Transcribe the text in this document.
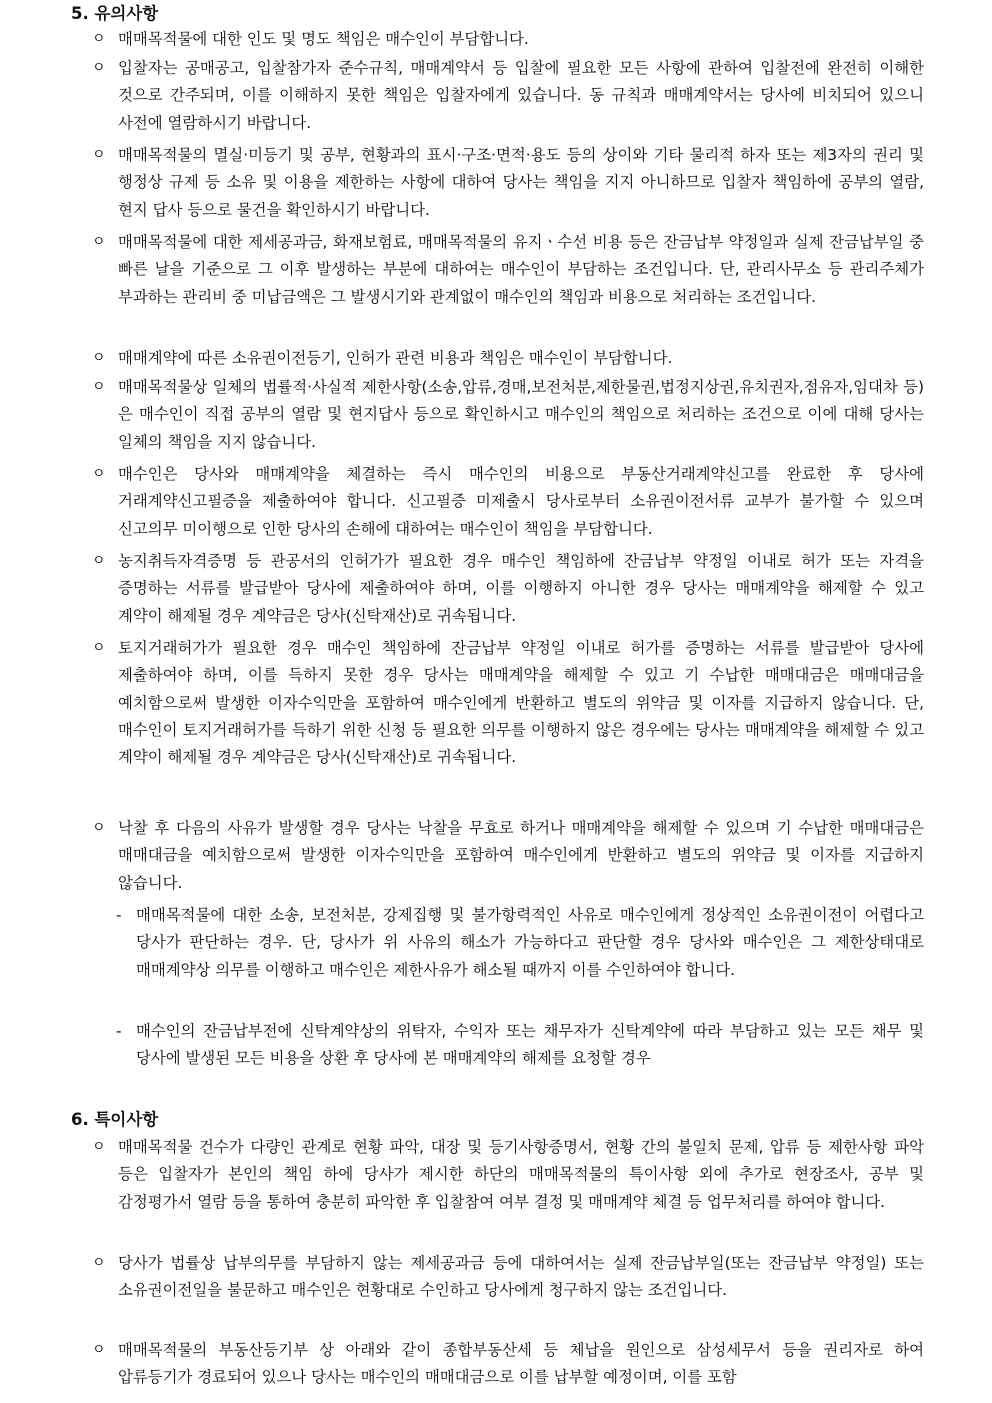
5. 유의사항
ㅇ 매매목적물에 대한 인도 및 명도 책임은 매수인이 부담합니다.
ㅇ 입찰자는 공매공고, 입찰참가자 준수규칙, 매매계약서 등 입찰에 필요한 모든 사항에 관하여 입찰전에 완전히 이해한 것으로 간주되며, 이를 이해하지 못한 책임은 입찰자에게 있습니다. 동 규칙과 매매계약서는 당사에 비치되어 있으니 사전에 열람하시기 바랍니다.
ㅇ 매매목적물의 멸실·미등기 및 공부, 현황과의 표시·구조·면적·용도 등의 상이와 기타 물리적 하자 또는 제3자의 권리 및 행정상 규제 등 소유 및 이용을 제한하는 사항에 대하여 당사는 책임을 지지 아니하므로 입찰자 책임하에 공부의 열람, 현지 답사 등으로 물건을 확인하시기 바랍니다.
ㅇ 매매목적물에 대한 제세공과금, 화재보험료, 매매목적물의 유지ㆍ수선 비용 등은 잔금납부 약정일과 실제 잔금납부일 중 빠른 날을 기준으로 그 이후 발생하는 부분에 대하여는 매수인이 부담하는 조건입니다. 단, 관리사무소 등 관리주체가 부과하는 관리비 중 미납금액은 그 발생시기와 관계없이 매수인의 책임과 비용으로 처리하는 조건입니다.
ㅇ 매매계약에 따른 소유권이전등기, 인허가 관련 비용과 책임은 매수인이 부담합니다.
ㅇ 매매목적물상 일체의 법률적·사실적 제한사항(소송,압류,경매,보전처분,제한물권,법정지상권,유치권자,점유자,임대차 등)은 매수인이 직접 공부의 열람 및 현지답사 등으로 확인하시고 매수인의 책임으로 처리하는 조건으로 이에 대해 당사는 일체의 책임을 지지 않습니다.
ㅇ 매수인은 당사와 매매계약을 체결하는 즉시 매수인의 비용으로 부동산거래계약신고를 완료한 후 당사에 거래계약신고필증을 제출하여야 합니다. 신고필증 미제출시 당사로부터 소유권이전서류 교부가 불가할 수 있으며 신고의무 미이행으로 인한 당사의 손해에 대하여는 매수인이 책임을 부담합니다.
ㅇ 농지취득자격증명 등 관공서의 인허가가 필요한 경우 매수인 책임하에 잔금납부 약정일 이내로 허가 또는 자격을 증명하는 서류를 발급받아 당사에 제출하여야 하며, 이를 이행하지 아니한 경우 당사는 매매계약을 해제할 수 있고 계약이 해제될 경우 계약금은 당사(신탁재산)로 귀속됩니다.
ㅇ 토지거래허가가 필요한 경우 매수인 책임하에 잔금납부 약정일 이내로 허가를 증명하는 서류를 발급받아 당사에 제출하여야 하며, 이를 득하지 못한 경우 당사는 매매계약을 해제할 수 있고 기 수납한 매매대금은 매매대금을 예치함으로써 발생한 이자수익만을 포함하여 매수인에게 반환하고 별도의 위약금 및 이자를 지급하지 않습니다. 단, 매수인이 토지거래허가를 득하기 위한 신청 등 필요한 의무를 이행하지 않은 경우에는 당사는 매매계약을 해제할 수 있고 계약이 해제될 경우 계약금은 당사(신탁재산)로 귀속됩니다.
ㅇ 낙찰 후 다음의 사유가 발생할 경우 당사는 낙찰을 무효로 하거나 매매계약을 해제할 수 있으며 기 수납한 매매대금은 매매대금을 예치함으로써 발생한 이자수익만을 포함하여 매수인에게 반환하고 별도의 위약금 및 이자를 지급하지 않습니다.
- 매매목적물에 대한 소송, 보전처분, 강제집행 및 불가항력적인 사유로 매수인에게 정상적인 소유권이전이 어렵다고 당사가 판단하는 경우. 단, 당사가 위 사유의 해소가 가능하다고 판단할 경우 당사와 매수인은 그 제한상태대로 매매계약상 의무를 이행하고 매수인은 제한사유가 해소될 때까지 이를 수인하여야 합니다.
- 매수인의 잔금납부전에 신탁계약상의 위탁자, 수익자 또는 채무자가 신탁계약에 따라 부담하고 있는 모든 채무 및 당사에 발생된 모든 비용을 상환 후 당사에 본 매매계약의 해제를 요청할 경우
6. 특이사항
ㅇ 매매목적물 건수가 다량인 관계로 현황 파악, 대장 및 등기사항증명서, 현황 간의 불일치 문제, 압류 등 제한사항 파악 등은 입찰자가 본인의 책임 하에 당사가 제시한 하단의 매매목적물의 특이사항 외에 추가로 현장조사, 공부 및 감정평가서 열람 등을 통하여 충분히 파악한 후 입찰참여 여부 결정 및 매매계약 체결 등 업무처리를 하여야 합니다.
ㅇ 당사가 법률상 납부의무를 부담하지 않는 제세공과금 등에 대하여서는 실제 잔금납부일(또는 잔금납부 약정일) 또는 소유권이전일을 불문하고 매수인은 현황대로 수인하고 당사에게 청구하지 않는 조건입니다.
ㅇ 매매목적물의 부동산등기부 상 아래와 같이 종합부동산세 등 체납을 원인으로 삼성세무서 등을 권리자로 하여 압류등기가 경료되어 있으나 당사는 매수인의 매매대금으로 이를 납부할 예정이며, 이를 포함
